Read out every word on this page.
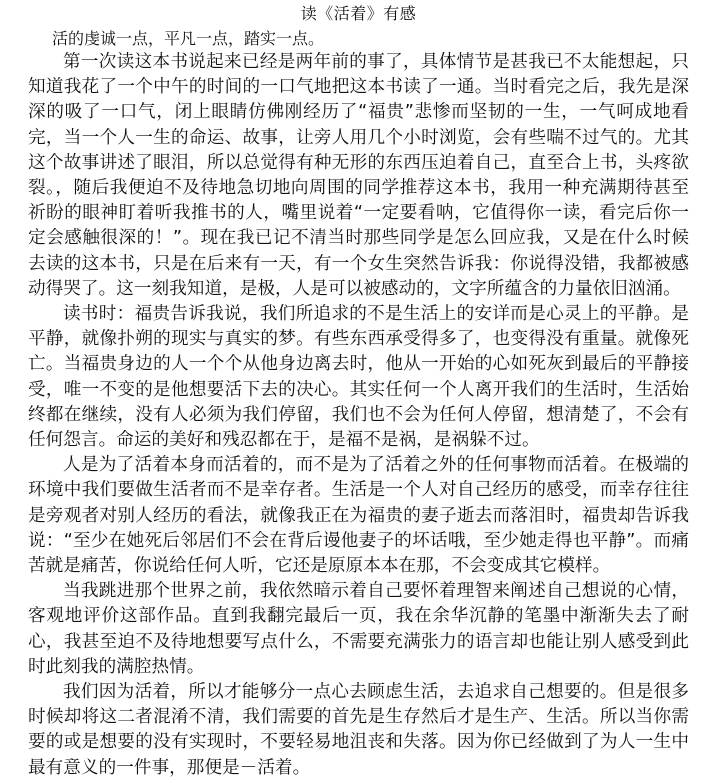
读《活着》有感

活的虔诚一点，平凡一点，踏实一点。

第一次读这本书说起来已经是两年前的事了，具体情节是甚我已不太能想起，只知道我花了一个中午的时间的一口气地把这本书读了一通。当时看完之后，我先是深深的吸了一口气，闭上眼睛仿佛刚经历了“福贵”悲惨而坚韧的一生，一气呵成地看完，当一个人一生的命运、故事，让旁人用几个小时浏览，会有些喘不过气的。尤其这个故事讲述了眼泪，所以总觉得有种无形的东西压迫着自己，直至合上书，头疼欲裂。，随后我便迫不及待地急切地向周围的同学推荐这本书，我用一种充满期待甚至祈盼的眼神盯着听我推书的人，嘴里说着“一定要看呐，它值得你一读，看完后你一定会感触很深的！”。现在我已记不清当时那些同学是怎么回应我，又是在什么时候去读的这本书，只是在后来有一天，有一个女生突然告诉我：你说得没错，我都被感动得哭了。这一刻我知道，是极，人是可以被感动的，文字所蕴含的力量依旧汹涌。

读书时：福贵告诉我说，我们所追求的不是生活上的安详而是心灵上的平静。是平静，就像扑朔的现实与真实的梦。有些东西承受得多了，也变得没有重量。就像死亡。当福贵身边的人一个个从他身边离去时，他从一开始的心如死灰到最后的平静接受，唯一不变的是他想要活下去的决心。其实任何一个人离开我们的生活时，生活始终都在继续，没有人必须为我们停留，我们也不会为任何人停留，想清楚了，不会有任何怨言。命运的美好和残忍都在于，是福不是祸，是祸躲不过。

人是为了活着本身而活着的，而不是为了活着之外的任何事物而活着。在极端的环境中我们要做生活者而不是幸存者。生活是一个人对自己经历的感受，而幸存往往是旁观者对别人经历的看法，就像我正在为福贵的妻子逝去而落泪时，福贵却告诉我说：“至少在她死后邻居们不会在背后谩他妻子的坏话哦，至少她走得也平静”。而痛苦就是痛苦，你说给任何人听，它还是原原本本在那，不会变成其它模样。

当我跳进那个世界之前，我依然暗示着自己要怀着理智来阐述自己想说的心情，客观地评价这部作品。直到我翻完最后一页，我在余华沉静的笔墨中渐渐失去了耐心，我甚至迫不及待地想要写点什么，不需要充满张力的语言却也能让别人感受到此时此刻我的满腔热情。

我们因为活着，所以才能够分一点心去顾虑生活，去追求自己想要的。但是很多时候却将这二者混淆不清，我们需要的首先是生存然后才是生产、生活。所以当你需要的或是想要的没有实现时，不要轻易地沮丧和失落。因为你已经做到了为人一生中最有意义的一件事，那便是－活着。
